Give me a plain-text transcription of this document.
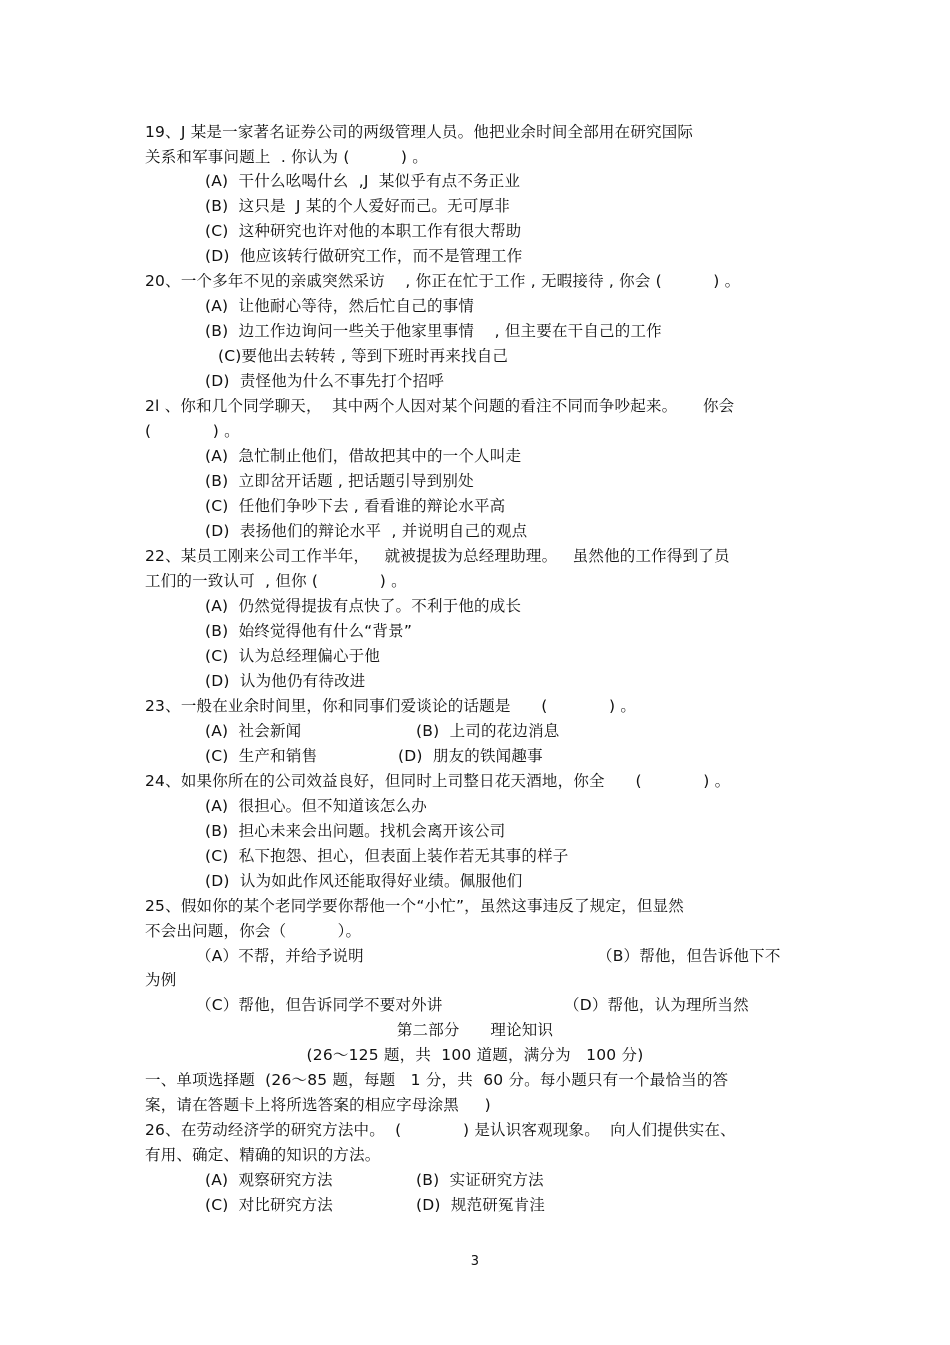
19、J 某是一家著名证券公司的两级管理人员。他把业余时间全部用在研究国际
关系和军事问题上  . 你认为 (          ) 。
(A)  干什么吆喝什幺  ,J  某似乎有点不务正业
(B)  这只是  J 某的个人爱好而己。无可厚非
(C)  这种研究也许对他的本职工作有很大帮助
(D)  他应该转行做研究工作，而不是管理工作
20、一个多年不见的亲戚突然采访    , 你正在忙于工作 , 无暇接待 , 你会 (          ) 。
(A)  让他耐心等待，然后忙自己的事情
(B)  边工作边询问一些关于他家里事情    , 但主要在干自己的工作
(C)要他出去转转 , 等到下班时再来找自己
(D)  责怪他为什么不事先打个招呼
2l 、你和几个同学聊天，  其中两个人因对某个问题的看注不同而争吵起来。     你会
(            ) 。
(A)  急忙制止他们，借故把其中的一个人叫走
(B)  立即岔开话题 , 把话题引导到别处
(C)  任他们争吵下去 , 看看谁的辩论水平高
(D)  表扬他们的辩论水平  , 并说明自己的观点
22、某员工刚来公司工作半年，   就被提拔为总经理助理。   虽然他的工作得到了员
工们的一致认可  , 但你 (            ) 。
(A)  仍然觉得提拔有点快了。不利于他的成长
(B)  始终觉得他有什么“背景”
(C)  认为总经理偏心于他
(D)  认为他仍有待改进
23、一般在业余时间里，你和同事们爱谈论的话题是      (            ) 。
(A)  社会新闻	(B)  上司的花边消息
(C)  生产和销售	(D)  朋友的铁闻趣事
24、如果你所在的公司效益良好，但同时上司整日花天酒地，你全      (            ) 。
(A)  很担心。但不知道该怎么办
(B)  担心未来会出问题。找机会离开该公司
(C)  私下抱怨、担心，但表面上装作若无其事的样子
(D)  认为如此作风还能取得好业绩。佩服他们
25、假如你的某个老同学要你帮他一个“小忙”，虽然这事违反了规定，但显然
不会出问题，你会（          ）。
（A）不帮，并给予说明	（B）帮他，但告诉他下不
为例
（C）帮他，但告诉同学不要对外讲	（D）帮他，认为理所当然
第二部分      理论知识
(26～125 题，共  100 道题，满分为   100 分)
一、单项选择题  (26～85 题，每题   1 分，共  60 分。每小题只有一个最恰当的答
案，请在答题卡上将所选答案的相应字母涂黑     )
26、在劳动经济学的研究方法中。  (            ) 是认识客观现象。  向人们提供实在、
有用、确定、精确的知识的方法。
(A)  观察研究方法	(B)  实证研究方法
(C)  对比研究方法	(D)  规范研冤肯洼
3
